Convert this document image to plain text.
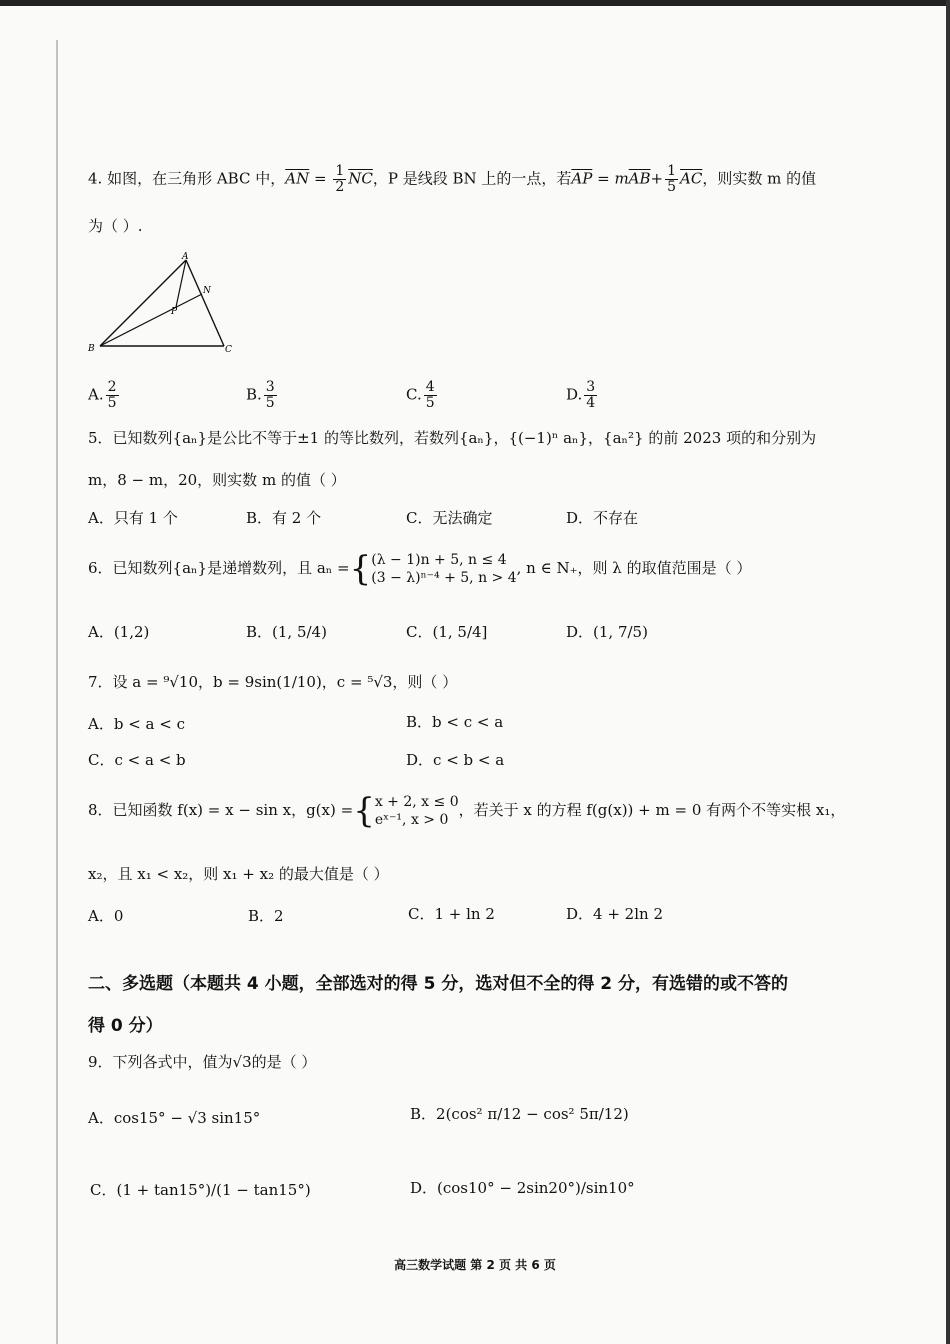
4. 如图，在三角形 ABC 中，$\overline{AN} = \frac{1}{2} \overline{NC}$，P 是线段 BN 上的一点，若$\overline{AP} = m\overline{AB}+ \frac{1}{5} \overline{AC}$，则实数 m 的值
为（ ）.
A
B	C
N
P
A. $\frac{2}{5}$	B. $\frac{3}{5}$	C. $\frac{4}{5}$	D. $\frac{3}{4}$
5．已知数列{aₙ}是公比不等于±1 的等比数列，若数列{aₙ}，{(−1)ⁿ aₙ}，{aₙ²} 的前 2023 项的和分别为
m，8 − m，20，则实数 m 的值（ ）
A．只有 1 个	B．有 2 个	C．无法确定	D．不存在
6．已知数列{aₙ}是递增数列，且 aₙ ={ (λ − 1)n + 5, n ≤ 4
(3 − λ)ⁿ⁻⁴ + 5, n > 4
, n ∈ N₊，则 λ 的取值范围是（ ）
A．(1,2)	B．(1, 5/4)	C．(1, 5/4]	D．(1, 7/5)
7．设 a = ⁹√10，b = 9sin(1/10)，c = ⁵√3，则（ ）
A．b < a < c	B．b < c < a
C．c < a < b	D．c < b < a
8．已知函数 f(x) = x − sin x，g(x) ={ x + 2, x ≤ 0
eˣ⁻¹, x > 0
，若关于 x 的方程 f(g(x)) + m = 0 有两个不等实根 x₁，
x₂，且 x₁ < x₂，则 x₁ + x₂ 的最大值是（ ）
A．0	B．2	C．1 + ln 2	D．4 + 2ln 2
二、多选题（本题共 4 小题，全部选对的得 5 分，选对但不全的得 2 分，有选错的或不答的
得 0 分）
9．下列各式中，值为√3的是（ ）
A．cos15° − √3 sin15°	B．2(cos² π/12 − cos² 5π/12)
C．(1 + tan15°)/(1 − tan15°)	D．(cos10° − 2sin20°)/sin10°
高三数学试题 第 2 页 共 6 页
